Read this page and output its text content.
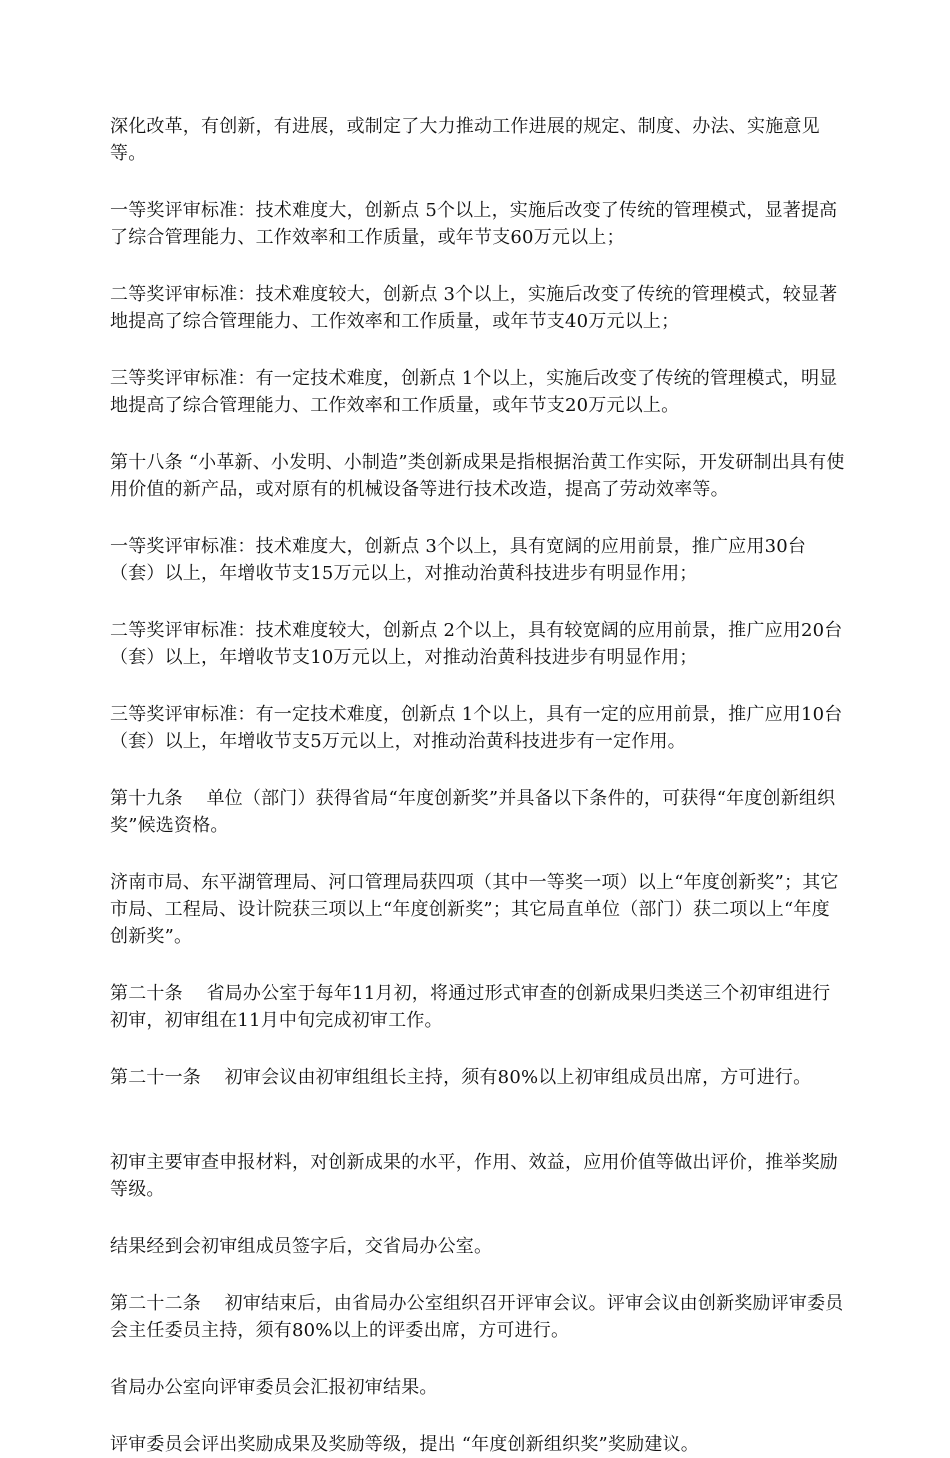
深化改革，有创新，有进展，或制定了大力推动工作进展的规定、制度、办法、实施意见等。

一等奖评审标准：技术难度大，创新点 5个以上，实施后改变了传统的管理模式，显著提高了综合管理能力、工作效率和工作质量，或年节支60万元以上；

二等奖评审标准：技术难度较大，创新点 3个以上，实施后改变了传统的管理模式，较显著地提高了综合管理能力、工作效率和工作质量，或年节支40万元以上；

三等奖评审标准：有一定技术难度，创新点 1个以上，实施后改变了传统的管理模式，明显地提高了综合管理能力、工作效率和工作质量，或年节支20万元以上。

第十八条 “小革新、小发明、小制造”类创新成果是指根据治黄工作实际，开发研制出具有使用价值的新产品，或对原有的机械设备等进行技术改造，提高了劳动效率等。

一等奖评审标准：技术难度大，创新点 3个以上，具有宽阔的应用前景，推广应用30台（套）以上，年增收节支15万元以上，对推动治黄科技进步有明显作用；

二等奖评审标准：技术难度较大，创新点 2个以上，具有较宽阔的应用前景，推广应用20台（套）以上，年增收节支10万元以上，对推动治黄科技进步有明显作用；

三等奖评审标准：有一定技术难度，创新点 1个以上，具有一定的应用前景，推广应用10台（套）以上，年增收节支5万元以上，对推动治黄科技进步有一定作用。

第十九条    单位（部门）获得省局“年度创新奖”并具备以下条件的，可获得“年度创新组织奖”候选资格。

济南市局、东平湖管理局、河口管理局获四项（其中一等奖一项）以上“年度创新奖”；其它市局、工程局、设计院获三项以上“年度创新奖”；其它局直单位（部门）获二项以上“年度创新奖”。

第二十条    省局办公室于每年11月初，将通过形式审查的创新成果归类送三个初审组进行初审，初审组在11月中旬完成初审工作。

第二十一条    初审会议由初审组组长主持，须有80%以上初审组成员出席，方可进行。

初审主要审查申报材料，对创新成果的水平，作用、效益，应用价值等做出评价，推举奖励等级。

结果经到会初审组成员签字后，交省局办公室。

第二十二条    初审结束后，由省局办公室组织召开评审会议。评审会议由创新奖励评审委员会主任委员主持，须有80%以上的评委出席，方可进行。

省局办公室向评审委员会汇报初审结果。

评审委员会评出奖励成果及奖励等级，提出 “年度创新组织奖”奖励建议。
